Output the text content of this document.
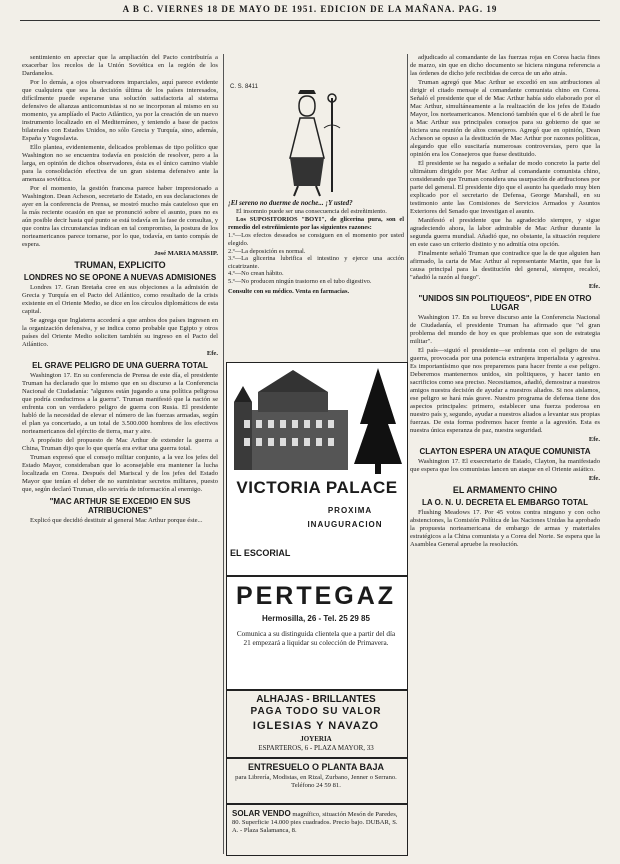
A B C. VIERNES 18 DE MAYO DE 1951. EDICION DE LA MAÑANA. PAG. 19

sentimiento en apreciar que la ampliación del Pacto contribuiría a exacerbar los recelos de la Unión Soviética en la región de los Dardanelos.

Por lo demás, a ojos observadores imparciales, aquí parece evidente que cualquiera que sea la decisión última de los países interesados, difícilmente puede esperarse una solución satisfactoria al sistema defensivo de alianzas anticomunistas si no se incorporan al mismo en su momento, ya amplíado el Pacto Atlántico, ya por la creación de un nuevo instrumento localizado en el Mediterráneo, y teniendo a base de pactos bilaterales con Estados Unidos, no sólo Grecia y Turquía, sino, además, España y Yugoslavia.

Ello plantea, evidentemente, delicados problemas de tipo político que Washington no se encuentra todavía en posición de resolver, pero a la larga, en opinión de dichos observadores, ésta es el único camino viable para la consolidación efectiva de un gran sistema defensivo ante la amenaza soviética.

Por el momento, la gestión francesa parece haber impresionado a Washington. Dean Acheson, secretario de Estado, en sus declaraciones de ayer en la conferencia de Prensa, se mostró mucho más cauteloso que en la más reciente ocasión en que se pronunció sobre el asunto, pues no es aún posible decir hasta qué punto se está todavía en la fase de consultas, y que contra las circunstancias indican en tal compromiso, la postura de los norteamericanos parece tornarse, por lo que, todavía, en tanto compás de espera.

José MARIA MASSIP.
TRUMAN, EXPLICITO
LONDRES NO SE OPONE A NUEVAS ADMISIONES

Londres 17. Gran Bretaña cree en sus objeciones a la admisión de Grecia y Turquía en el Pacto del Atlántico, como resultado de la crisis existente en el Oriente Medio, se dice en los círculos diplomáticos de esta capital.

Se agrega que Inglaterra accederá a que ambos dos países ingresen en la organización defensiva, y se indica como probable que Egipto y otros países del Oriente Medio soliciten también su ingreso en el Pacto del Atlántico.

Efe.
EL GRAVE PELIGRO DE UNA GUERRA TOTAL

Washington 17. En su conferencia de Prensa de este día, el presidente Truman ha declarado que lo mismo que en su discurso a la Conferencia Nacional de Ciudadanía: "algunos están jugando a una política peligrosa que podría conducirnos a la guerra". Truman manifestó que la nación se enfrenta con un verdadero peligro de guerra con Rusia. El presidente habló de la necesidad de elevar el número de las fuerzas armadas, según el plan ya concertado, a un total de 3.500.000 hombres de los efectivos norteamericanos del ejército de tierra, mar y aire.

A propósito del propuesto de Mac Arthur de extender la guerra a China, Truman dijo que lo que quería era evitar una guerra total.

Truman expresó que el consejo militar conjunto, a la vez los jefes del Estado Mayor, consideraban que lo aconsejable era mantener la lucha localizada en Corea. Después del Mariscal y de los jefes del Estado Mayor que tenían el deber de no suministrar secretos militares, puesto que, según declaró Truman, ello serviría de información al enemigo.

"MAC ARTHUR SE EXCEDIO EN SUS ATRIBUCIONES"

Explicó que decidió destituir al general Mac Arthur porque éste...

C. S. 8411
¡El sereno no duerme de noche... ¡Y usted?

El insomnio puede ser una consecuencia del estreñimiento.

Los SUPOSITORIOS "BOYI", de glicerina pura, son el remedio del estreñimiento por las siguientes razones:

1.º—Los efectos deseados se consiguen en el momento por usted elegido.
2.º—La deposición es normal.
3.º—La glicerina lubrifica el intestino y ejerce una acción cicatrizante.
4.º—No crean hábito.
5.º—No producen ningún trastorno en el tubo digestivo.
Consulte con su médico. Venta en farmacias.
VICTORIA PALACE
PROXIMA
INAUGURACION
EL ESCORIAL
PERTEGAZ
Hermosilla, 26 - Tel. 25 29 85
Comunica a su distinguida clientela que a partir del día 21 empezará a liquidar su colección de Primavera.
ALHAJAS - BRILLANTES
PAGA TODO SU VALOR
IGLESIAS Y NAVAZO
JOYERIA
ESPARTEROS, 6 - PLAZA MAYOR, 33
ENTRESUELO O PLANTA BAJA
para Librería, Modistas, en Rizal, Zurbano, Jenner o Serrano. Teléfono 24 59 81.
SOLAR VENDO magnífico, situación Mesón de Paredes, 80. Superficie 14.000 pies cuadrados. Precio bajo. DUBAR, S. A. - Plaza Salamanca, 8.

adjudicado al comandante de las fuerzas rojas en Corea hacia fines de marzo, sin que en dicho documento se hiciera ninguna referencia a las órdenes de dicho jefe recibidas de cerca de un año atrás.

Truman agregó que Mac Arthur se excedió en sus atribuciones al dirigir el citado mensaje al comandante comunista chino en Corea. Señaló el presidente que el de Mac Arthur había sido elaborado por el Mac Arthur, simultáneamente a la realización de los jefes de Estado Mayor, los norteamericanos. Mencionó también que el 6 de abril le fue a Mac Arthur sus principales consejos para su gobierno de que se hiciera una reunión de altos consejeros. Agregó que en opinión, Dean Acheson se opuso a la destitución de Mac Arthur por razones políticas, alegando que ello suscitaría numerosas controversias, pero que la opinión era los Consejeros que fuese destituido.

El presidente se ha negado a señalar de modo concreto la parte del ultimátum dirigido por Mac Arthur al comandante comunista chino, considerando que Truman considera una usurpación de atribuciones por parte del general. El presidente dijo que el asunto ha quedado muy bien explicado por el secretario de Defensa, George Marshall, en su testimonio ante las Comisiones de Servicios Armados y Asuntos Exteriores del Senado que investigan el asunto.

Manifestó el presidente que ha agradecido siempre, y sigue agradeciendo ahora, la labor admirable de Mac Arthur durante la segunda guerra mundial. Añadió que, no obstante, la situación requiere en este caso un criterio distinto y no admitía otra opción.

Finalmente señaló Truman que contradice que la de que alguien han afirmado, la carta de Mac Arthur al representante Martin, que fue la causa principal para la destitución del general, siempre, recalcó, "añadió la razón al fuego".

Efe.
"UNIDOS SIN POLITIQUEOS", PIDE EN OTRO LUGAR

Washington 17. En su breve discurso ante la Conferencia Nacional de Ciudadanía, el presidente Truman ha afirmado que "el gran problema del mundo de hoy es que problemas que son de estrategia militar".

El país—siguió el presidente—se enfrenta con el peligro de una guerra, provocada por una potencia extranjera imperialista y agresiva. Es importantísimo que nos preparemos para hacer frente a ese peligro. Deberemos mantenernos unidos, sin politiqueos, y hacer tanto en sacrificios como sea preciso. Necesitamos, añadió, demostrar a nuestros amigos nuestra decisión de ayudar a nuestros aliados. Si nos aislamos, ese peligro se hará más grave. Nuestro programa de defensa tiene dos aspectos principales: primero, establecer una fuerza poderosa en nuestro país y, segundo, ayudar a nuestros aliados a levantar sus propias fuerzas. De esta forma podremos hacer frente a la agresión. Esta es nuestra única esperanza de paz, nuestra seguridad.

Efe.
CLAYTON ESPERA UN ATAQUE COMUNISTA

Washington 17. El exsecretario de Estado, Clayton, ha manifestado que espera que los comunistas lancen un ataque en el Oriente asiático.

Efe.
EL ARMAMENTO CHINO
LA O. N. U. DECRETA EL EMBARGO TOTAL

Flushing Meadows 17. Por 45 votos contra ninguno y con ocho abstenciones, la Comisión Política de las Naciones Unidas ha aprobado la propuesta norteamericana de embargo de armas y materiales estratégicos a la China comunista y a Corea del Norte. Se espera que la Asamblea General apruebe la resolución.
